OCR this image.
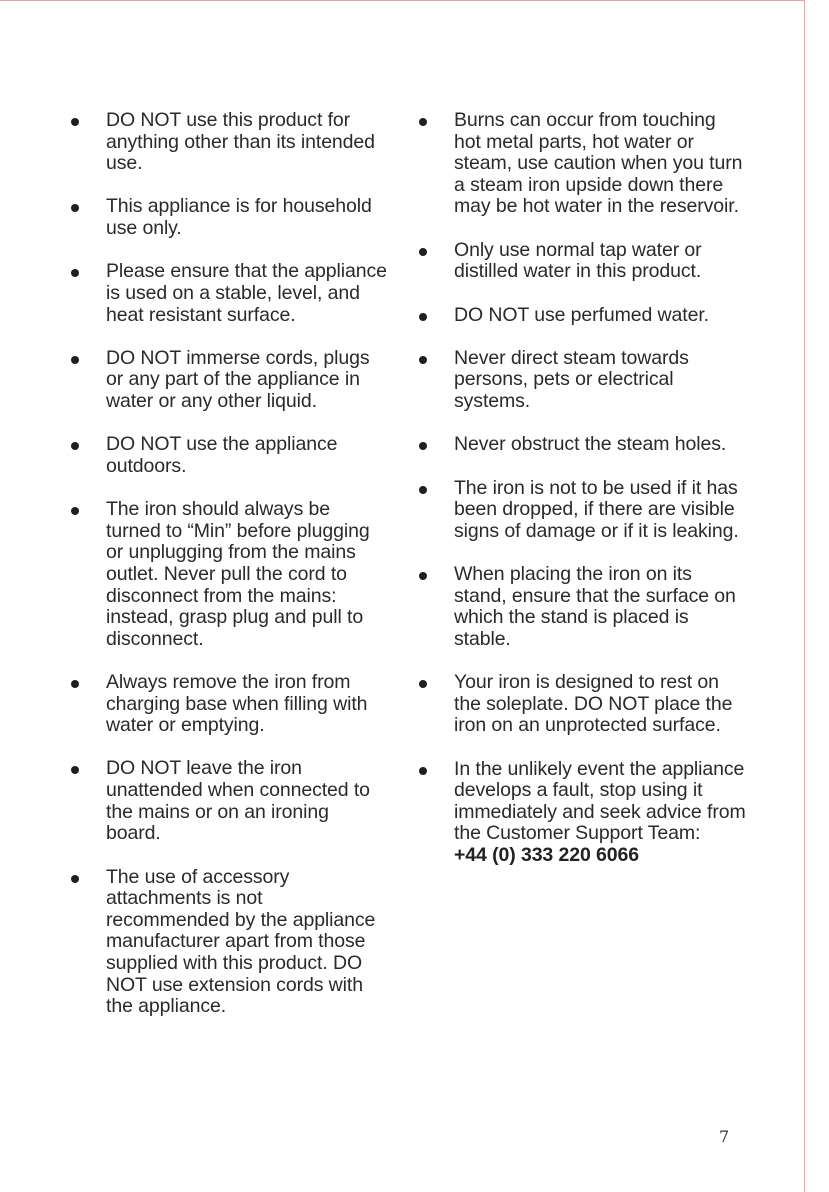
DO NOT use this product for anything other than its intended use.
This appliance is for household use only.
Please ensure that the appliance is used on a stable, level, and heat resistant surface.
DO NOT immerse cords, plugs or any part of the appliance in water or any other liquid.
DO NOT use the appliance outdoors.
The iron should always be turned to “Min” before plugging or unplugging from the mains outlet. Never pull the cord to disconnect from the mains: instead, grasp plug and pull to disconnect.
Always remove the iron from charging base when filling with water or emptying.
DO NOT leave the iron unattended when connected to the mains or on an ironing board.
The use of accessory attachments is not recommended by the appliance manufacturer apart from those supplied with this product. DO NOT use extension cords with the appliance.
Burns can occur from touching hot metal parts, hot water or steam, use caution when you turn a steam iron upside down there may be hot water in the reservoir.
Only use normal tap water or distilled water in this product.
DO NOT use perfumed water.
Never direct steam towards persons, pets or electrical systems.
Never obstruct the steam holes.
The iron is not to be used if it has been dropped, if there are visible signs of damage or if it is leaking.
When placing the iron on its stand, ensure that the surface on which the stand is placed is stable.
Your iron is designed to rest on the soleplate. DO NOT place the iron on an unprotected surface.
In the unlikely event the appliance develops a fault, stop using it immediately and seek advice from the Customer Support Team:
+44 (0) 333 220 6066
7
